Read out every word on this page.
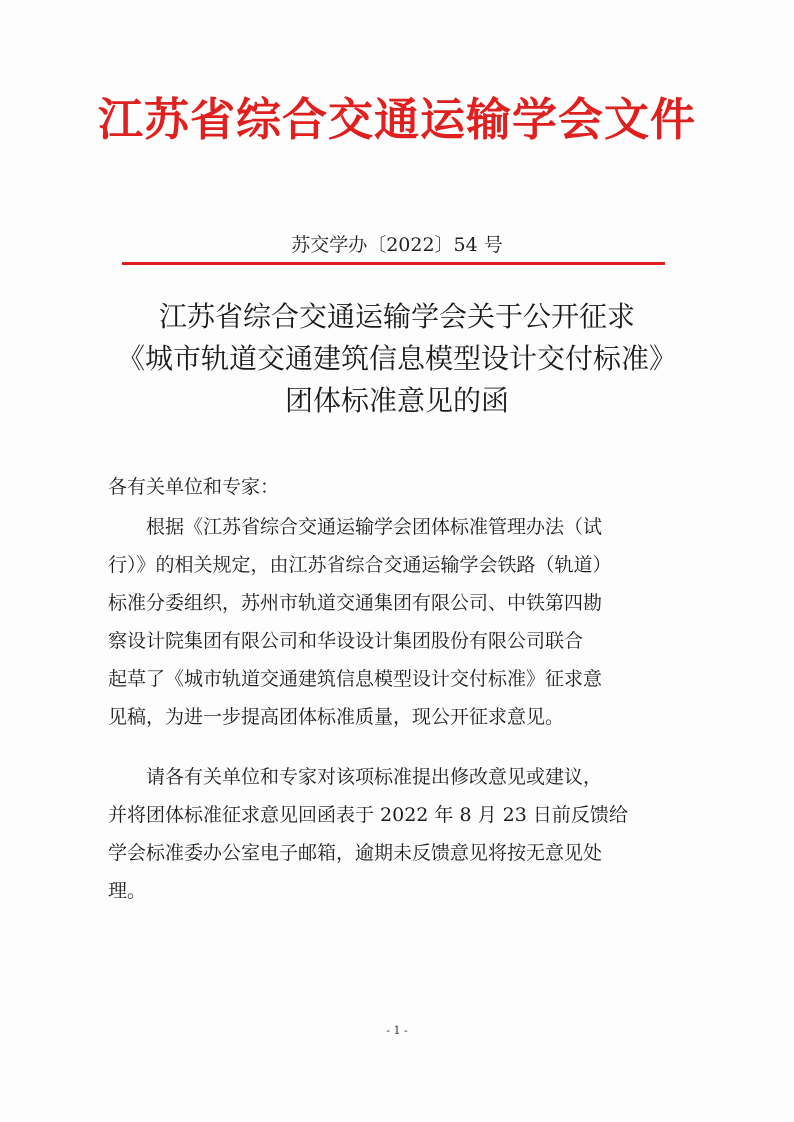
江苏省综合交通运输学会文件
苏交学办〔2022〕54 号
江苏省综合交通运输学会关于公开征求
《城市轨道交通建筑信息模型设计交付标准》
团体标准意见的函
各有关单位和专家：
　　根据《江苏省综合交通运输学会团体标准管理办法（试
行）》的相关规定，由江苏省综合交通运输学会铁路（轨道）
标准分委组织，苏州市轨道交通集团有限公司、中铁第四勘
察设计院集团有限公司和华设设计集团股份有限公司联合
起草了《城市轨道交通建筑信息模型设计交付标准》征求意
见稿，为进一步提高团体标准质量，现公开征求意见。
　　请各有关单位和专家对该项标准提出修改意见或建议，
并将团体标准征求意见回函表于 2022 年 8 月 23 日前反馈给
学会标准委办公室电子邮箱，逾期未反馈意见将按无意见处
理。
- 1 -
